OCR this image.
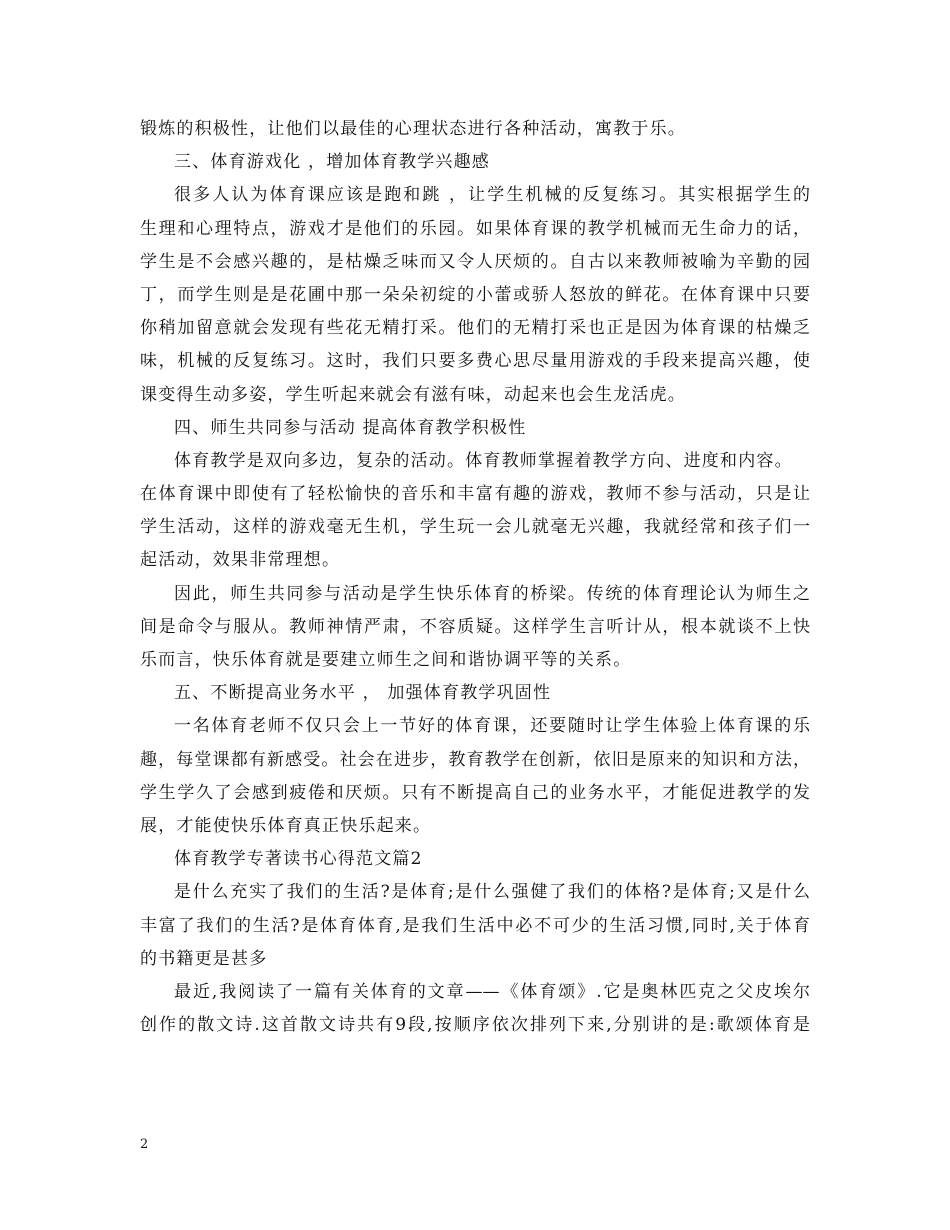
锻炼的积极性，让他们以最佳的心理状态进行各种活动，寓教于乐。
三、体育游戏化 ，增加体育教学兴趣感
很多人认为体育课应该是跑和跳 ，让学生机械的反复练习。其实根据学生的
生理和心理特点，游戏才是他们的乐园。如果体育课的教学机械而无生命力的话，
学生是不会感兴趣的，是枯燥乏味而又令人厌烦的。自古以来教师被喻为辛勤的园
丁，而学生则是是花圃中那一朵朵初绽的小蕾或骄人怒放的鲜花。在体育课中只要
你稍加留意就会发现有些花无精打采。他们的无精打采也正是因为体育课的枯燥乏
味，机械的反复练习。这时，我们只要多费心思尽量用游戏的手段来提高兴趣，使
课变得生动多姿，学生听起来就会有滋有味，动起来也会生龙活虎。
四、师生共同参与活动 提高体育教学积极性
体育教学是双向多边，复杂的活动。体育教师掌握着教学方向、进度和内容。
在体育课中即使有了轻松愉快的音乐和丰富有趣的游戏，教师不参与活动，只是让
学生活动，这样的游戏毫无生机，学生玩一会儿就毫无兴趣，我就经常和孩子们一
起活动，效果非常理想。
因此，师生共同参与活动是学生快乐体育的桥梁。传统的体育理论认为师生之
间是命令与服从。教师神情严肃，不容质疑。这样学生言听计从，根本就谈不上快
乐而言，快乐体育就是要建立师生之间和谐协调平等的关系。
五、不断提高业务水平 ， 加强体育教学巩固性
一名体育老师不仅只会上一节好的体育课，还要随时让学生体验上体育课的乐
趣，每堂课都有新感受。社会在进步，教育教学在创新，依旧是原来的知识和方法，
学生学久了会感到疲倦和厌烦。只有不断提高自己的业务水平，才能促进教学的发
展，才能使快乐体育真正快乐起来。
体育教学专著读书心得范文篇2
是什么充实了我们的生活?是体育;是什么强健了我们的体格?是体育;又是什么
丰富了我们的生活?是体育体育,是我们生活中必不可少的生活习惯,同时,关于体育
的书籍更是甚多
最近,我阅读了一篇有关体育的文章——《体育颂》.它是奥林匹克之父皮埃尔
创作的散文诗.这首散文诗共有9段,按顺序依次排列下来,分别讲的是:歌颂体育是
2
